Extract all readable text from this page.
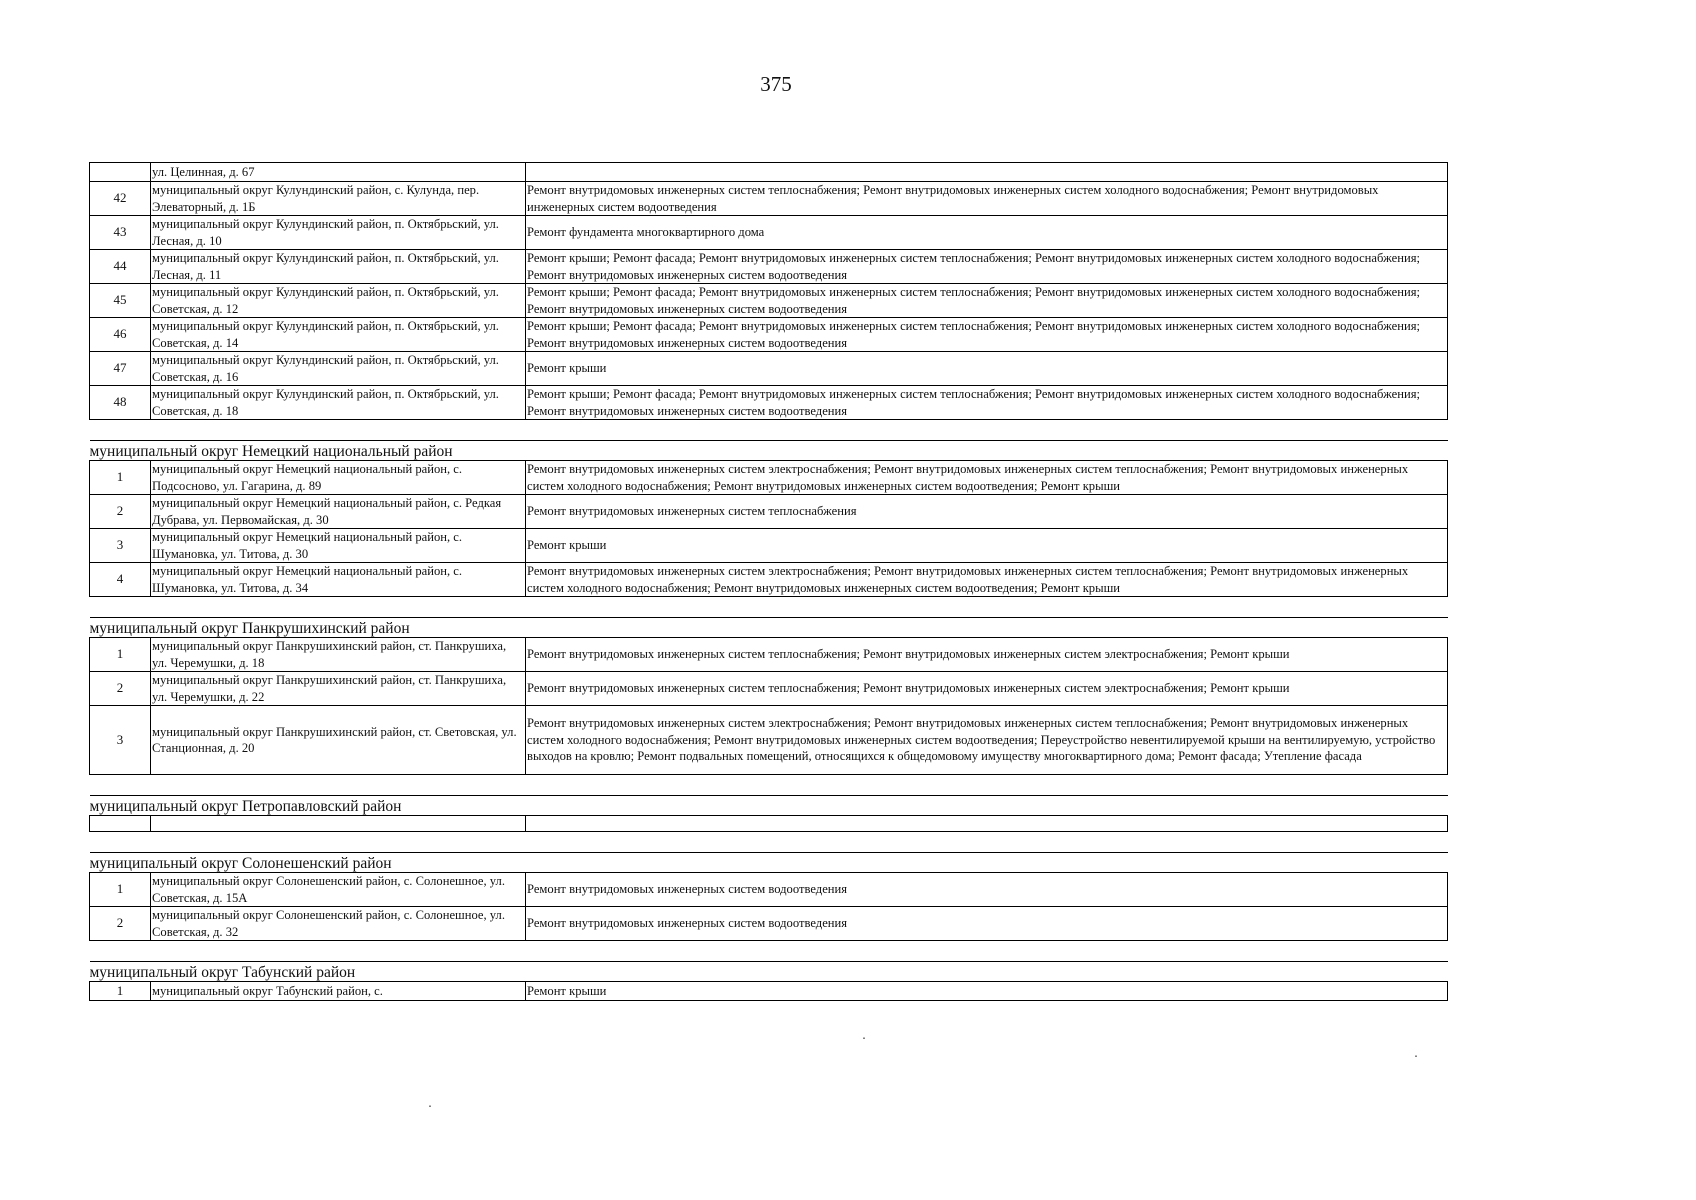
375
	ул. Целинная, д. 67	
42	муниципальный округ Кулундинский район, с. Кулунда, пер. Элеваторный, д. 1Б	Ремонт внутридомовых инженерных систем теплоснабжения; Ремонт внутридомовых инженерных систем холодного водоснабжения; Ремонт внутридомовых инженерных систем водоотведения
43	муниципальный округ Кулундинский район, п. Октябрьский, ул. Лесная, д. 10	Ремонт фундамента многоквартирного дома
44	муниципальный округ Кулундинский район, п. Октябрьский, ул. Лесная, д. 11	Ремонт крыши; Ремонт фасада; Ремонт внутридомовых инженерных систем теплоснабжения; Ремонт внутридомовых инженерных систем холодного водоснабжения; Ремонт внутридомовых инженерных систем водоотведения
45	муниципальный округ Кулундинский район, п. Октябрьский, ул. Советская, д. 12	Ремонт крыши; Ремонт фасада; Ремонт внутридомовых инженерных систем теплоснабжения; Ремонт внутридомовых инженерных систем холодного водоснабжения; Ремонт внутридомовых инженерных систем водоотведения
46	муниципальный округ Кулундинский район, п. Октябрьский, ул. Советская, д. 14	Ремонт крыши; Ремонт фасада; Ремонт внутридомовых инженерных систем теплоснабжения; Ремонт внутридомовых инженерных систем холодного водоснабжения; Ремонт внутридомовых инженерных систем водоотведения
47	муниципальный округ Кулундинский район, п. Октябрьский, ул. Советская, д. 16	Ремонт крыши
48	муниципальный округ Кулундинский район, п. Октябрьский, ул. Советская, д. 18	Ремонт крыши; Ремонт фасада; Ремонт внутридомовых инженерных систем теплоснабжения; Ремонт внутридомовых инженерных систем холодного водоснабжения; Ремонт внутридомовых инженерных систем водоотведения

муниципальный округ Немецкий национальный район		
1	муниципальный округ Немецкий национальный район, с. Подсосново, ул. Гагарина, д. 89	Ремонт внутридомовых инженерных систем электроснабжения; Ремонт внутридомовых инженерных систем теплоснабжения; Ремонт внутридомовых инженерных систем холодного водоснабжения; Ремонт внутридомовых инженерных систем водоотведения; Ремонт крыши
2	муниципальный округ Немецкий национальный район, с. Редкая Дубрава, ул. Первомайская, д. 30	Ремонт внутридомовых инженерных систем теплоснабжения
3	муниципальный округ Немецкий национальный район, с. Шумановка, ул. Титова, д. 30	Ремонт крыши
4	муниципальный округ Немецкий национальный район, с. Шумановка, ул. Титова, д. 34	Ремонт внутридомовых инженерных систем электроснабжения; Ремонт внутридомовых инженерных систем теплоснабжения; Ремонт внутридомовых инженерных систем холодного водоснабжения; Ремонт внутридомовых инженерных систем водоотведения; Ремонт крыши

муниципальный округ Панкрушихинский район		
1	муниципальный округ Панкрушихинский район, ст. Панкрушиха, ул. Черемушки, д. 18	Ремонт внутридомовых инженерных систем теплоснабжения; Ремонт внутридомовых инженерных систем электроснабжения; Ремонт крыши
2	муниципальный округ Панкрушихинский район, ст. Панкрушиха, ул. Черемушки, д. 22	Ремонт внутридомовых инженерных систем теплоснабжения; Ремонт внутридомовых инженерных систем электроснабжения; Ремонт крыши
3	муниципальный округ Панкрушихинский район, ст. Световская, ул. Станционная, д. 20	Ремонт внутридомовых инженерных систем электроснабжения; Ремонт внутридомовых инженерных систем теплоснабжения; Ремонт внутридомовых инженерных систем холодного водоснабжения; Ремонт внутридомовых инженерных систем водоотведения; Переустройство невентилируемой крыши на вентилируемую, устройство выходов на кровлю; Ремонт подвальных помещений, относящихся к общедомовому имуществу многоквартирного дома; Ремонт фасада; Утепление фасада

муниципальный округ Петропавловский район		

муниципальный округ Солонешенский район		
1	муниципальный округ Солонешенский район, с. Солонешное, ул. Советская, д. 15А	Ремонт внутридомовых инженерных систем водоотведения
2	муниципальный округ Солонешенский район, с. Солонешное, ул. Советская, д. 32	Ремонт внутридомовых инженерных систем водоотведения

муниципальный округ Табунский район		
1	муниципальный округ Табунский район, с.	Ремонт крыши
․
․
․
